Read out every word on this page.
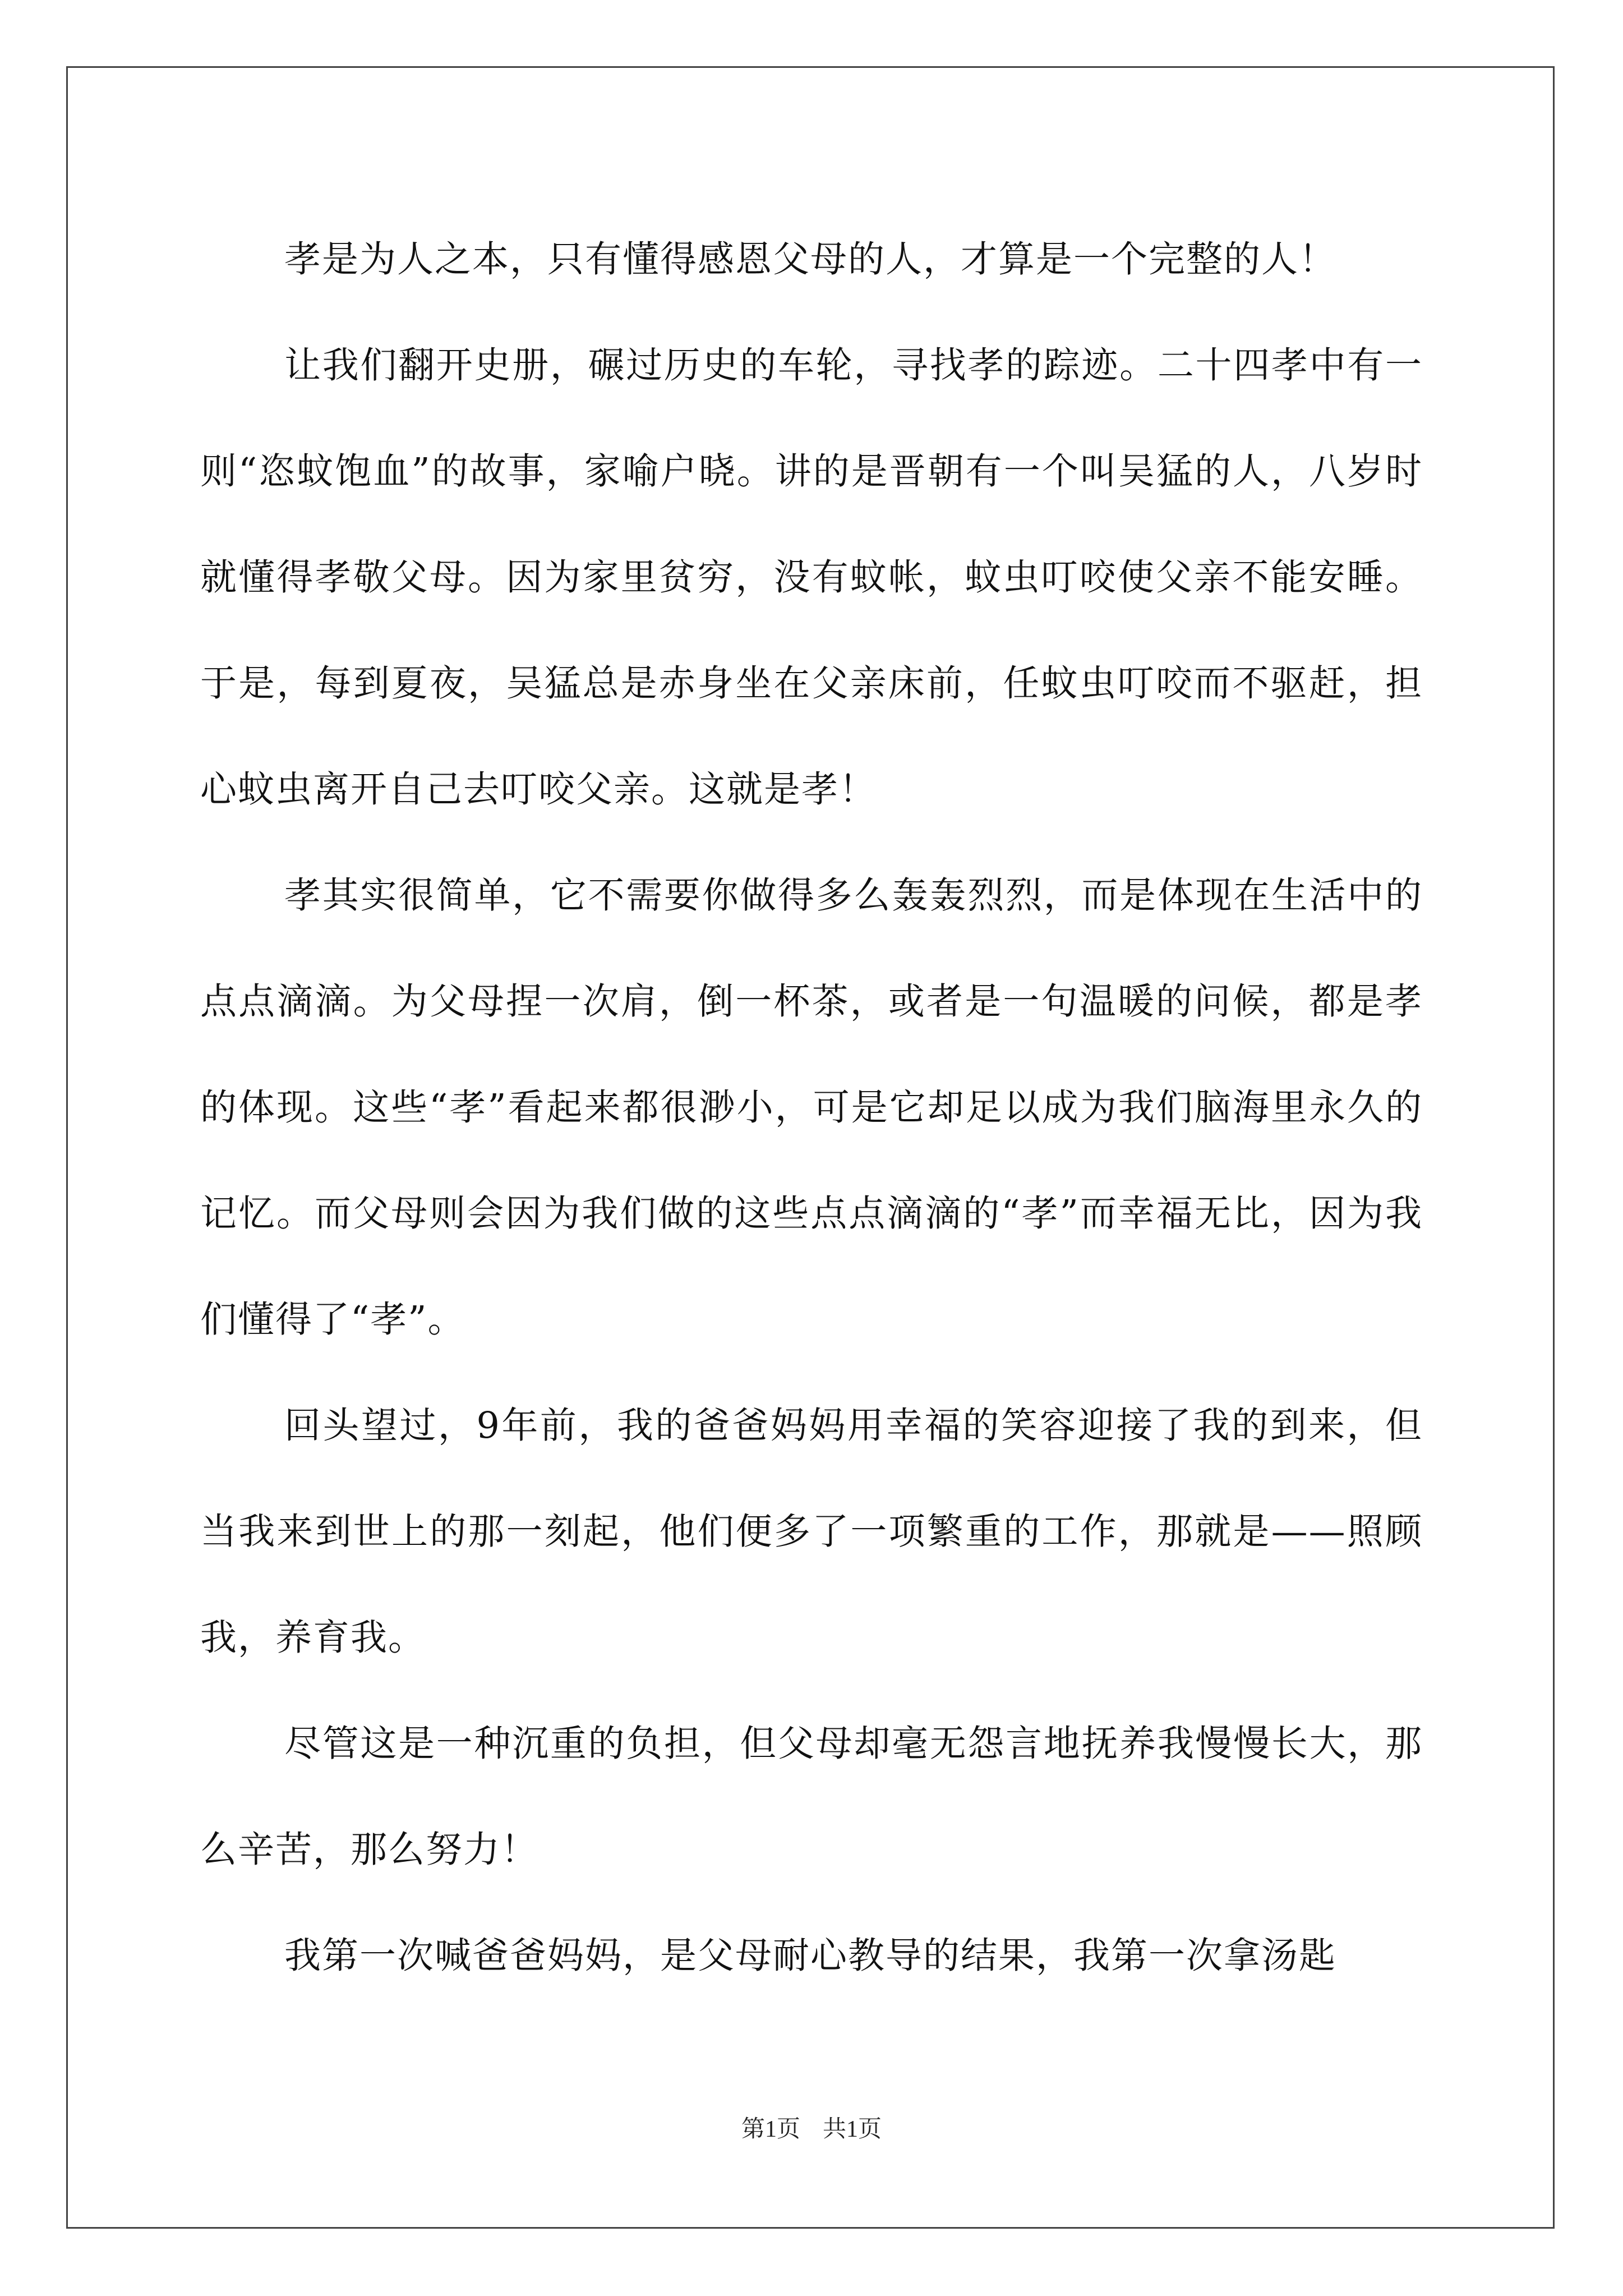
孝是为人之本，只有懂得感恩父母的人，才算是一个完整的人！

让我们翻开史册，碾过历史的车轮，寻找孝的踪迹。二十四孝中有一则“恣蚊饱血”的故事，家喻户晓。讲的是晋朝有一个叫吴猛的人，八岁时就懂得孝敬父母。因为家里贫穷，没有蚊帐，蚊虫叮咬使父亲不能安睡。于是，每到夏夜，吴猛总是赤身坐在父亲床前，任蚊虫叮咬而不驱赶，担心蚊虫离开自己去叮咬父亲。这就是孝！

孝其实很简单，它不需要你做得多么轰轰烈烈，而是体现在生活中的点点滴滴。为父母捏一次肩，倒一杯茶，或者是一句温暖的问候，都是孝的体现。这些“孝”看起来都很渺小，可是它却足以成为我们脑海里永久的记忆。而父母则会因为我们做的这些点点滴滴的“孝”而幸福无比，因为我们懂得了“孝”。

回头望过，9年前，我的爸爸妈妈用幸福的笑容迎接了我的到来，但当我来到世上的那一刻起，他们便多了一项繁重的工作，那就是——照顾我，养育我。

尽管这是一种沉重的负担，但父母却毫无怨言地抚养我慢慢长大，那么辛苦，那么努力！

我第一次喊爸爸妈妈，是父母耐心教导的结果，我第一次拿汤匙

第1页 共1页
